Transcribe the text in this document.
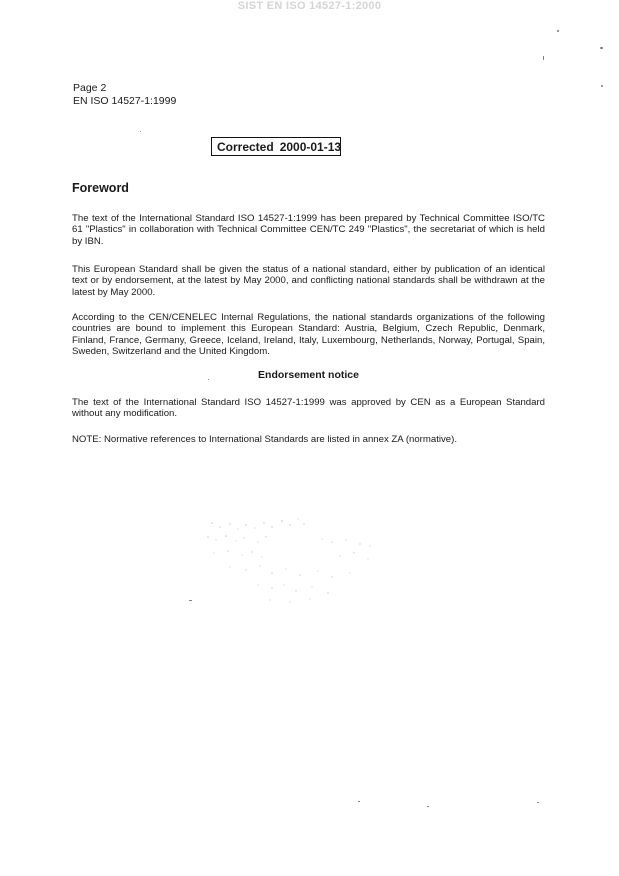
SIST EN ISO 14527-1:2000
Page 2
EN ISO 14527-1:1999
Corrected 2000-01-13
Foreword
The text of the International Standard ISO 14527-1:1999 has been prepared by Technical Committee ISO/TC 61 "Plastics" in collaboration with Technical Committee CEN/TC 249 "Plastics", the secretariat of which is held by IBN.
This European Standard shall be given the status of a national standard, either by publication of an identical text or by endorsement, at the latest by May 2000, and conflicting national standards shall be withdrawn at the latest by May 2000.
According to the CEN/CENELEC Internal Regulations, the national standards organizations of the following countries are bound to implement this European Standard: Austria, Belgium, Czech Republic, Denmark, Finland, France, Germany, Greece, Iceland, Ireland, Italy, Luxembourg, Netherlands, Norway, Portugal, Spain, Sweden, Switzerland and the United Kingdom.
Endorsement notice
The text of the International Standard ISO 14527-1:1999 was approved by CEN as a European Standard without any modification.
NOTE: Normative references to International Standards are listed in annex ZA (normative).
